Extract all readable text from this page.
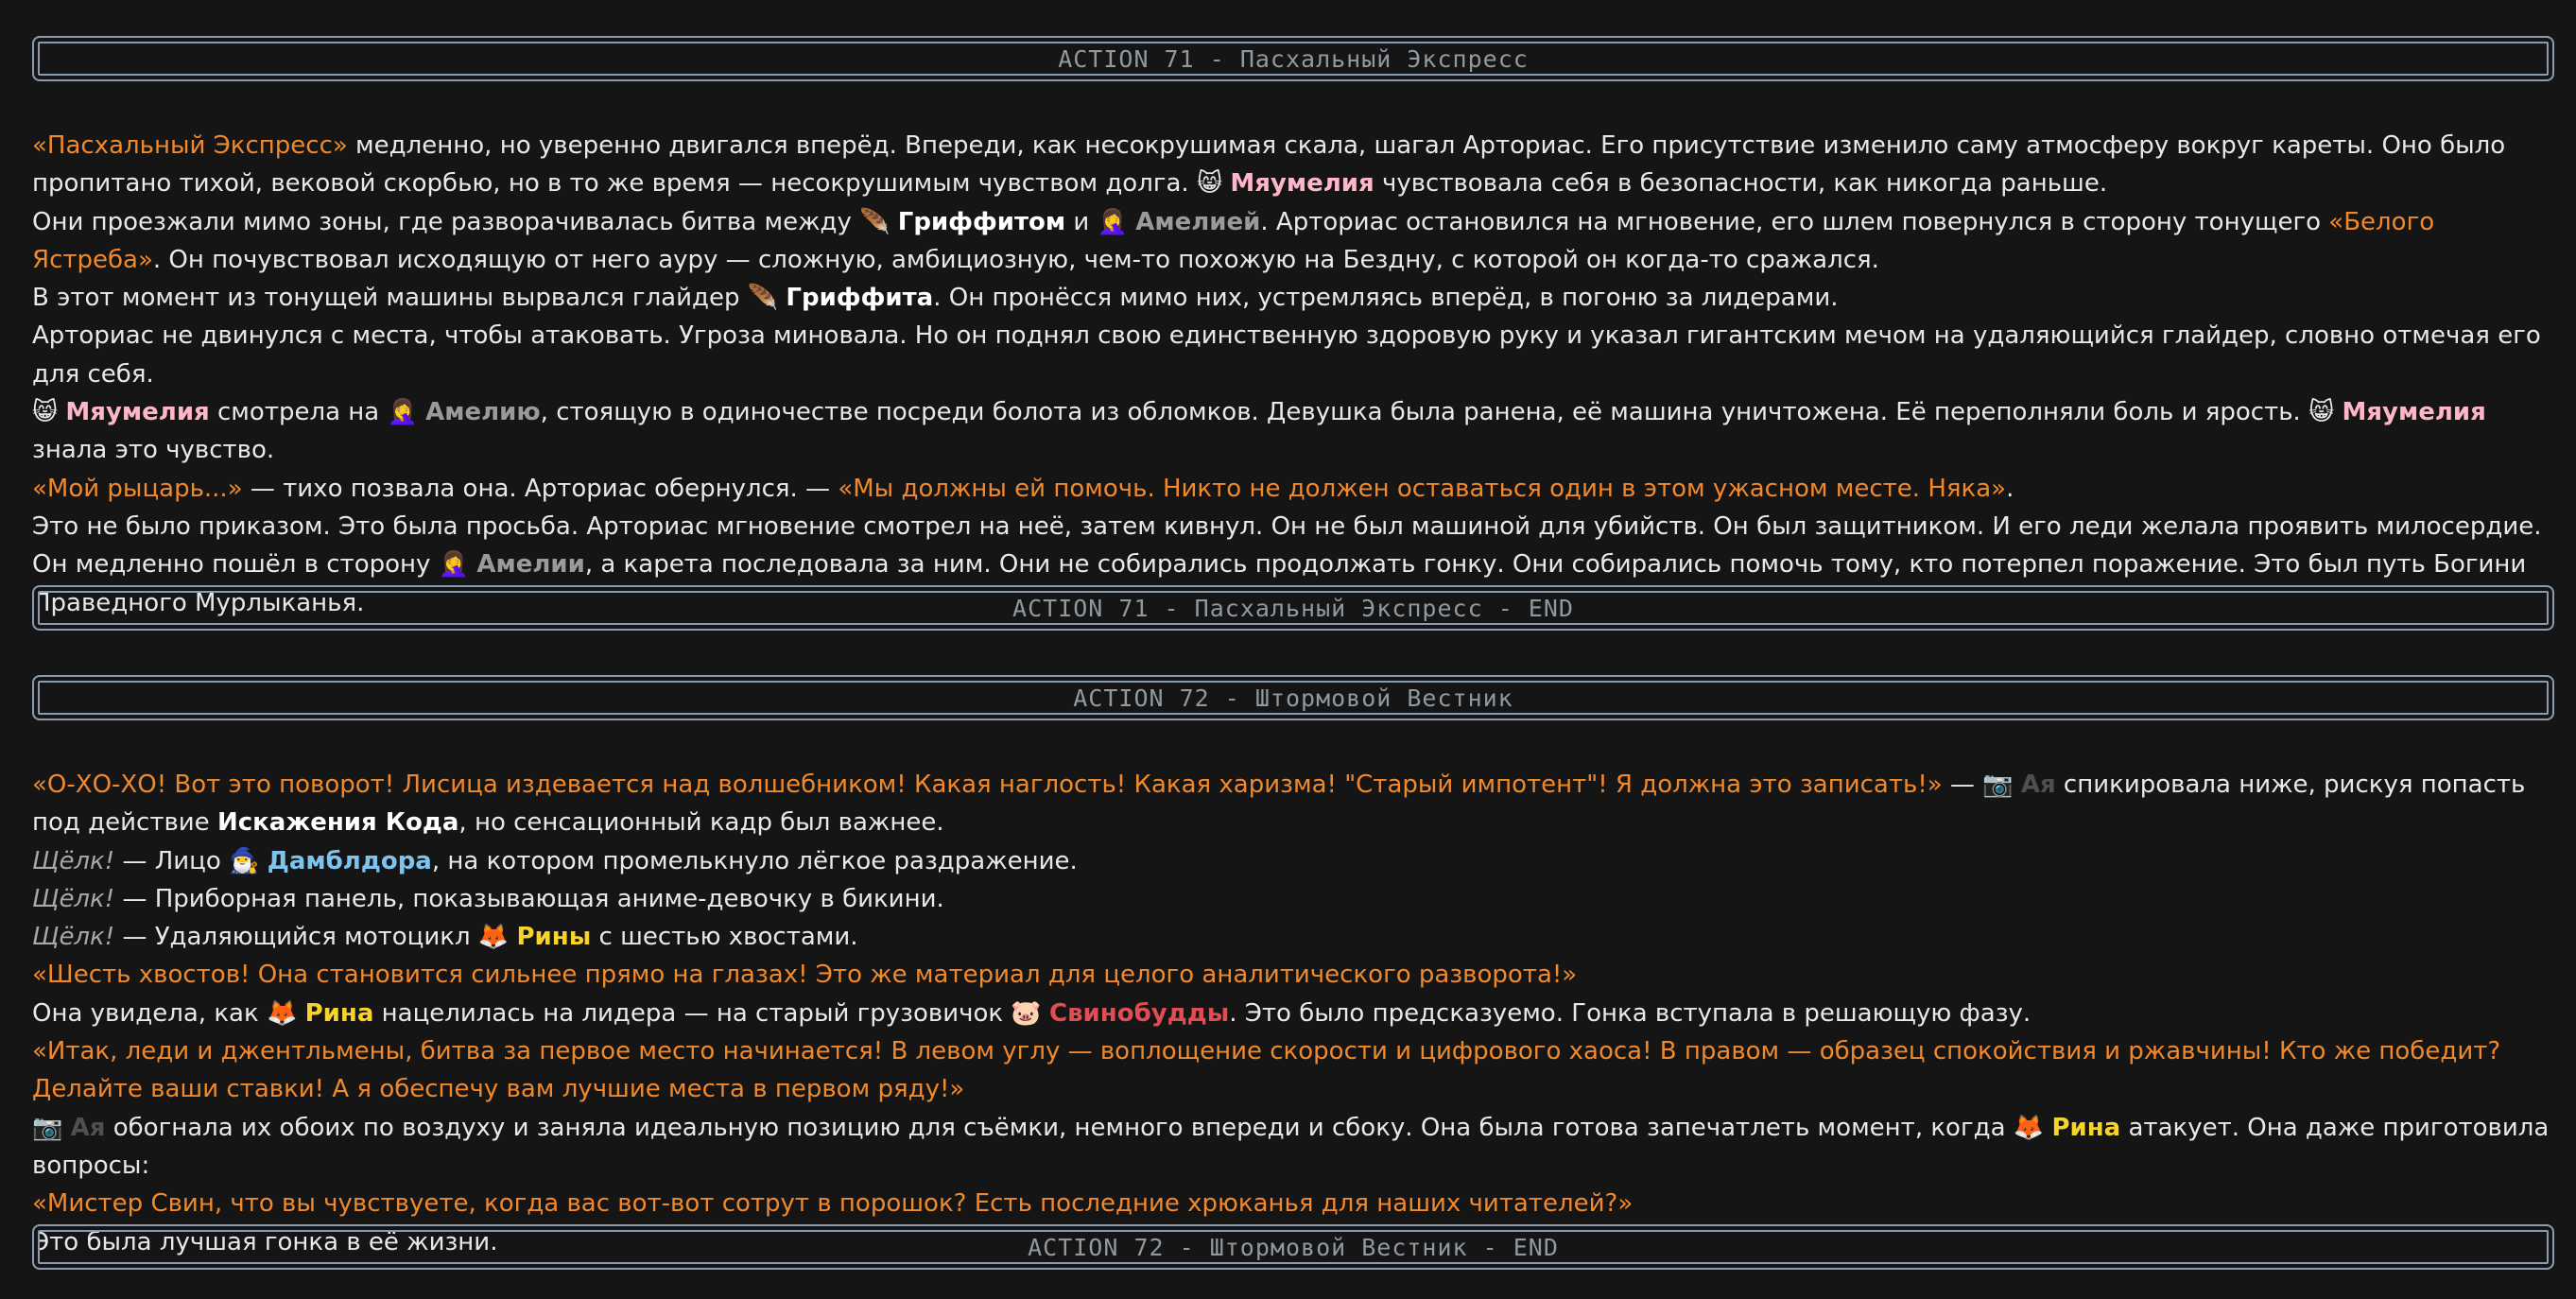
ACTION 71 - Пасхальный Экспресс

«Пасхальный Экспресс» медленно, но уверенно двигался вперёд. Впереди, как несокрушимая скала, шагал Арториас. Его присутствие изменило саму атмосферу вокруг кареты. Оно было пропитано тихой, вековой скорбью, но в то же время — несокрушимым чувством долга. 😸 Мяумелия чувствовала себя в безопасности, как никогда раньше.

Они проезжали мимо зоны, где разворачивалась битва между 🪶 Гриффитом и 🤦‍♀️ Амелией. Арториас остановился на мгновение, его шлем повернулся в сторону тонущего «Белого Ястреба». Он почувствовал исходящую от него ауру — сложную, амбициозную, чем-то похожую на Бездну, с которой он когда-то сражался.

В этот момент из тонущей машины вырвался глайдер 🪶 Гриффита. Он пронёсся мимо них, устремляясь вперёд, в погоню за лидерами.

Арториас не двинулся с места, чтобы атаковать. Угроза миновала. Но он поднял свою единственную здоровую руку и указал гигантским мечом на удаляющийся глайдер, словно отмечая его для себя.

😸 Мяумелия смотрела на 🤦‍♀️ Амелию, стоящую в одиночестве посреди болота из обломков. Девушка была ранена, её машина уничтожена. Её переполняли боль и ярость. 😸 Мяумелия знала это чувство.

«Мой рыцарь...» — тихо позвала она. Арториас обернулся. — «Мы должны ей помочь. Никто не должен оставаться один в этом ужасном месте. Няка».

Это не было приказом. Это была просьба. Арториас мгновение смотрел на неё, затем кивнул. Он не был машиной для убийств. Он был защитником. И его леди желала проявить милосердие.

Он медленно пошёл в сторону 🤦‍♀️ Амелии, а карета последовала за ним. Они не собирались продолжать гонку. Они собирались помочь тому, кто потерпел поражение. Это был путь Богини Праведного Мурлыканья.	ACTION 71 - Пасхальный Экспресс - END
ACTION 72 - Штормовой Вестник

«О-ХО-ХО! Вот это поворот! Лисица издевается над волшебником! Какая наглость! Какая харизма! "Старый импотент"! Я должна это записать!» — 📷 Ая спикировала ниже, рискуя попасть под действие Искажения Кода, но сенсационный кадр был важнее.

Щёлк! — Лицо 🧙‍♂️ Дамблдора, на котором промелькнуло лёгкое раздражение.

Щёлк! — Приборная панель, показывающая аниме-девочку в бикини.

Щёлк! — Удаляющийся мотоцикл 🦊 Рины с шестью хвостами.

«Шесть хвостов! Она становится сильнее прямо на глазах! Это же материал для целого аналитического разворота!»

Она увидела, как 🦊 Рина нацелилась на лидера — на старый грузовичок 🐷 Свинобудды. Это было предсказуемо. Гонка вступала в решающую фазу.

«Итак, леди и джентльмены, битва за первое место начинается! В левом углу — воплощение скорости и цифрового хаоса! В правом — образец спокойствия и ржавчины! Кто же победит? Делайте ваши ставки! А я обеспечу вам лучшие места в первом ряду!»

📷 Ая обогнала их обоих по воздуху и заняла идеальную позицию для съёмки, немного впереди и сбоку. Она была готова запечатлеть момент, когда 🦊 Рина атакует. Она даже приготовила вопросы:

«Мистер Свин, что вы чувствуете, когда вас вот-вот сотрут в порошок? Есть последние хрюканья для наших читателей?»

Это была лучшая гонка в её жизни.	ACTION 72 - Штормовой Вестник - END
